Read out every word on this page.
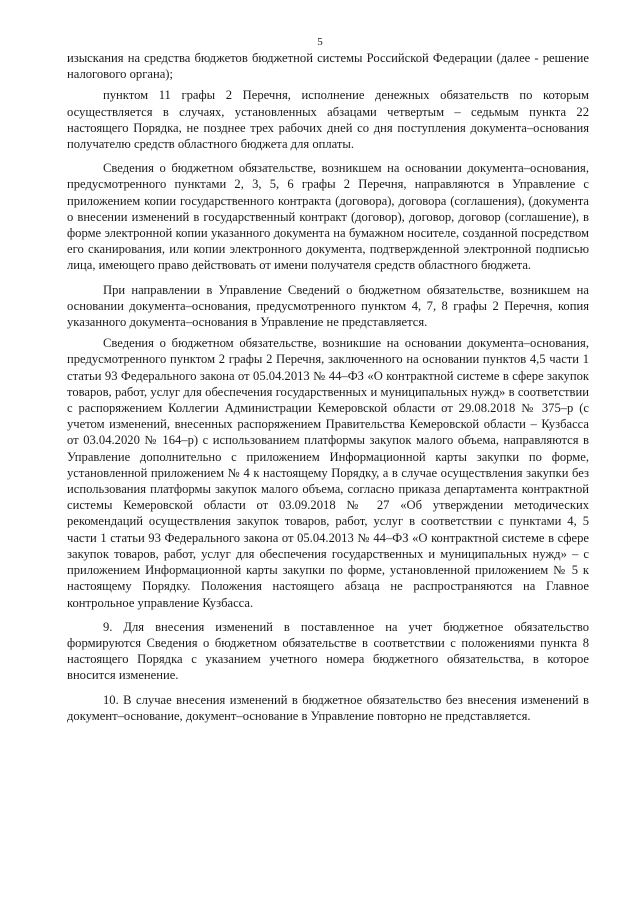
5

изыскания на средства бюджетов бюджетной системы Российской Федерации (далее - решение налогового органа);

пунктом 11 графы 2 Перечня, исполнение денежных обязательств по которым осуществляется в случаях, установленных абзацами четвертым – седьмым пункта 22 настоящего Порядка, не позднее трех рабочих дней со дня поступления документа–основания получателю средств областного бюджета для оплаты.

Сведения о бюджетном обязательстве, возникшем на основании документа–основания, предусмотренного пунктами 2, 3, 5, 6 графы 2 Перечня, направляются в Управление с приложением копии государственного контракта (договора), договора (соглашения), (документа о внесении изменений в государственный контракт (договор), договор, договор (соглашение), в форме электронной копии указанного документа на бумажном носителе, созданной посредством его сканирования, или копии электронного документа, подтвержденной электронной подписью лица, имеющего право действовать от имени получателя средств областного бюджета.

При направлении в Управление Сведений о бюджетном обязательстве, возникшем на основании документа–основания, предусмотренного пунктом 4, 7, 8 графы 2 Перечня, копия указанного документа–основания в Управление не представляется.

Сведения о бюджетном обязательстве, возникшие на основании документа–основания, предусмотренного пунктом 2 графы 2 Перечня, заключенного на основании пунктов 4,5 части 1 статьи 93 Федерального закона от 05.04.2013 № 44–ФЗ «О контрактной системе в сфере закупок товаров, работ, услуг для обеспечения государственных и муниципальных нужд» в соответствии с распоряжением Коллегии Администрации Кемеровской области от 29.08.2018 № 375–р (с учетом изменений, внесенных распоряжением Правительства Кемеровской области – Кузбасса от 03.04.2020 № 164–р) с использованием платформы закупок малого объема, направляются в Управление дополнительно с приложением Информационной карты закупки по форме, установленной приложением № 4 к настоящему Порядку, а в случае осуществления закупки без использования платформы закупок малого объема, согласно приказа департамента контрактной системы Кемеровской области от 03.09.2018 № 27 «Об утверждении методических рекомендаций осуществления закупок товаров, работ, услуг в соответствии с пунктами 4, 5 части 1 статьи 93 Федерального закона от 05.04.2013 № 44–ФЗ «О контрактной системе в сфере закупок товаров, работ, услуг для обеспечения государственных и муниципальных нужд» – с приложением Информационной карты закупки по форме, установленной приложением № 5 к настоящему Порядку. Положения настоящего абзаца не распространяются на Главное контрольное управление Кузбасса.

9. Для внесения изменений в поставленное на учет бюджетное обязательство формируются Сведения о бюджетном обязательстве в соответствии с положениями пункта 8 настоящего Порядка с указанием учетного номера бюджетного обязательства, в которое вносится изменение.

10. В случае внесения изменений в бюджетное обязательство без внесения изменений в документ–основание, документ–основание в Управление повторно не представляется.
